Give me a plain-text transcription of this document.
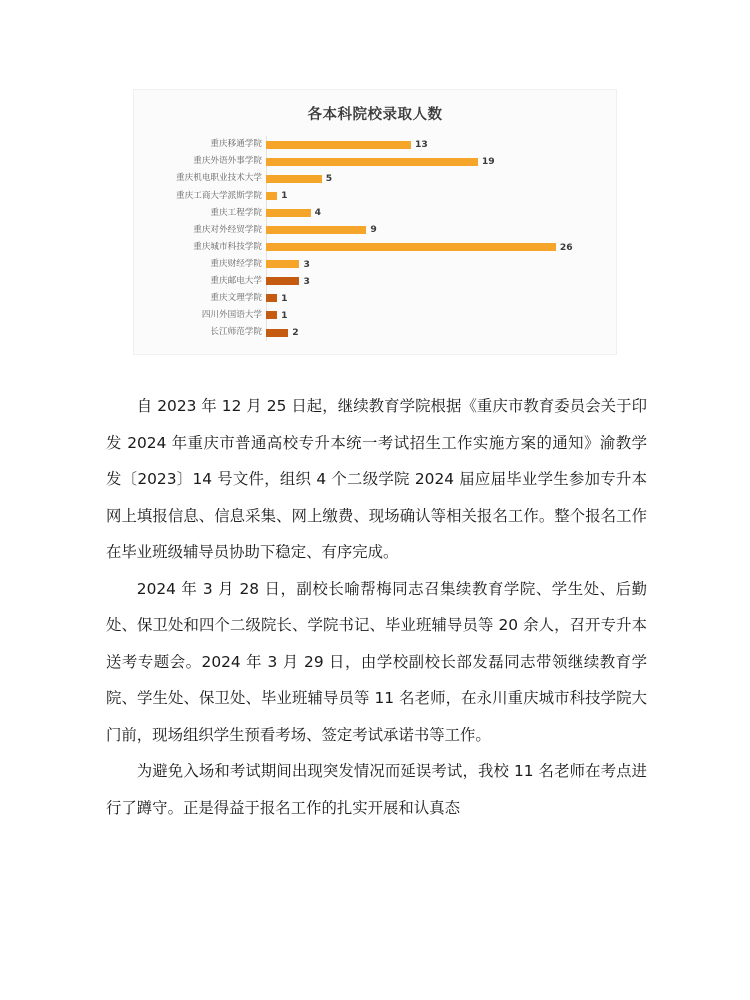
各本科院校录取人数
重庆移通学院	13
重庆外语外事学院	19
重庆机电职业技术大学	5
重庆工商大学派斯学院	1
重庆工程学院	4
重庆对外经贸学院	9
重庆城市科技学院	26
重庆财经学院	3
重庆邮电大学	3
重庆文理学院	1
四川外国语大学	1
长江师范学院	2

自 2023 年 12 月 25 日起，继续教育学院根据《重庆市教育委员会关于印发 2024 年重庆市普通高校专升本统一考试招生工作实施方案的通知》渝教学发〔2023〕14 号文件，组织 4 个二级学院 2024 届应届毕业学生参加专升本网上填报信息、信息采集、网上缴费、现场确认等相关报名工作。整个报名工作在毕业班级辅导员协助下稳定、有序完成。

2024 年 3 月 28 日，副校长喻帮梅同志召集续教育学院、学生处、后勤处、保卫处和四个二级院长、学院书记、毕业班辅导员等 20 余人，召开专升本送考专题会。2024 年 3 月 29 日，由学校副校长部发磊同志带领继续教育学院、学生处、保卫处、毕业班辅导员等 11 名老师，在永川重庆城市科技学院大门前，现场组织学生预看考场、签定考试承诺书等工作。

为避免入场和考试期间出现突发情况而延误考试，我校 11 名老师在考点进行了蹲守。正是得益于报名工作的扎实开展和认真态
